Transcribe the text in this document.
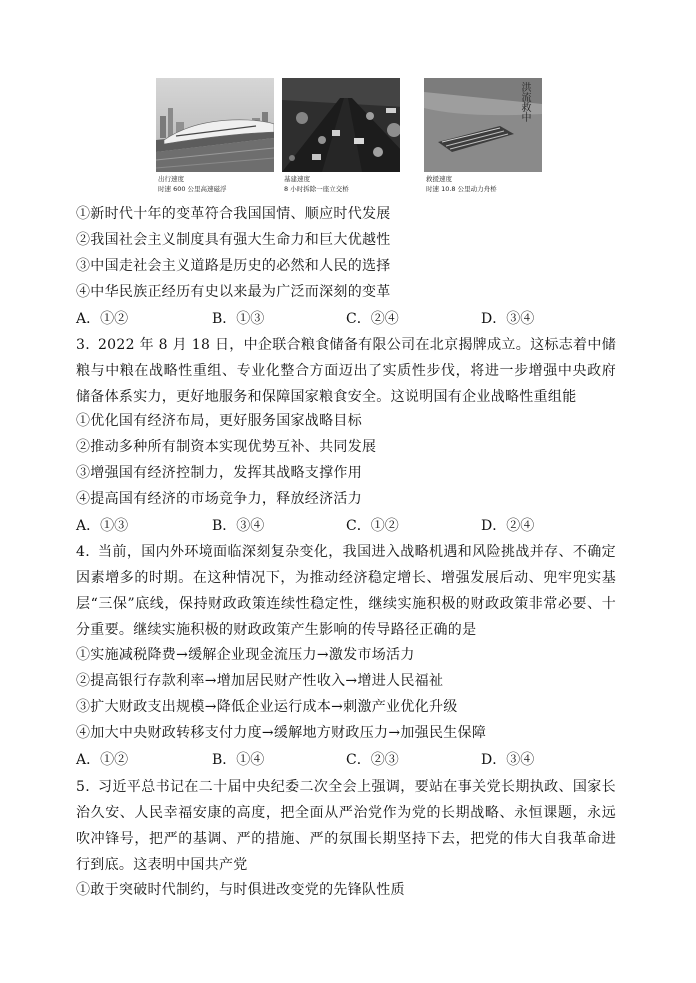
出行速度
时速 600 公里高速磁浮
基建速度
8 小时拆除一座立交桥
洪流救中
救援速度
时速 10.8 公里动力舟桥
①新时代十年的变革符合我国国情、顺应时代发展
②我国社会主义制度具有强大生命力和巨大优越性
③中国走社会主义道路是历史的必然和人民的选择
④中华民族正经历有史以来最为广泛而深刻的变革
A．①②	B．①③	C．②④	D．③④
3. 2022 年 8 月 18 日，中企联合粮食储备有限公司在北京揭牌成立。这标志着中储粮与中粮在战略性重组、专业化整合方面迈出了实质性步伐，将进一步增强中央政府储备体系实力，更好地服务和保障国家粮食安全。这说明国有企业战略性重组能
①优化国有经济布局，更好服务国家战略目标
②推动多种所有制资本实现优势互补、共同发展
③增强国有经济控制力，发挥其战略支撑作用
④提高国有经济的市场竞争力，释放经济活力
A．①③	B．③④	C．①②	D．②④
4. 当前，国内外环境面临深刻复杂变化，我国进入战略机遇和风险挑战并存、不确定因素增多的时期。在这种情况下，为推动经济稳定增长、增强发展后动、兜牢兜实基层“三保”底线，保持财政政策连续性稳定性，继续实施积极的财政政策非常必要、十分重要。继续实施积极的财政政策产生影响的传导路径正确的是
①实施减税降费→缓解企业现金流压力→激发市场活力
②提高银行存款利率→增加居民财产性收入→增进人民福祉
③扩大财政支出规模→降低企业运行成本→刺激产业优化升级
④加大中央财政转移支付力度→缓解地方财政压力→加强民生保障
A．①②	B．①④	C．②③	D．③④
5. 习近平总书记在二十届中央纪委二次全会上强调，要站在事关党长期执政、国家长治久安、人民幸福安康的高度，把全面从严治党作为党的长期战略、永恒课题，永远吹冲锋号，把严的基调、严的措施、严的氛围长期坚持下去，把党的伟大自我革命进行到底。这表明中国共产党
①敢于突破时代制约，与时俱进改变党的先锋队性质
